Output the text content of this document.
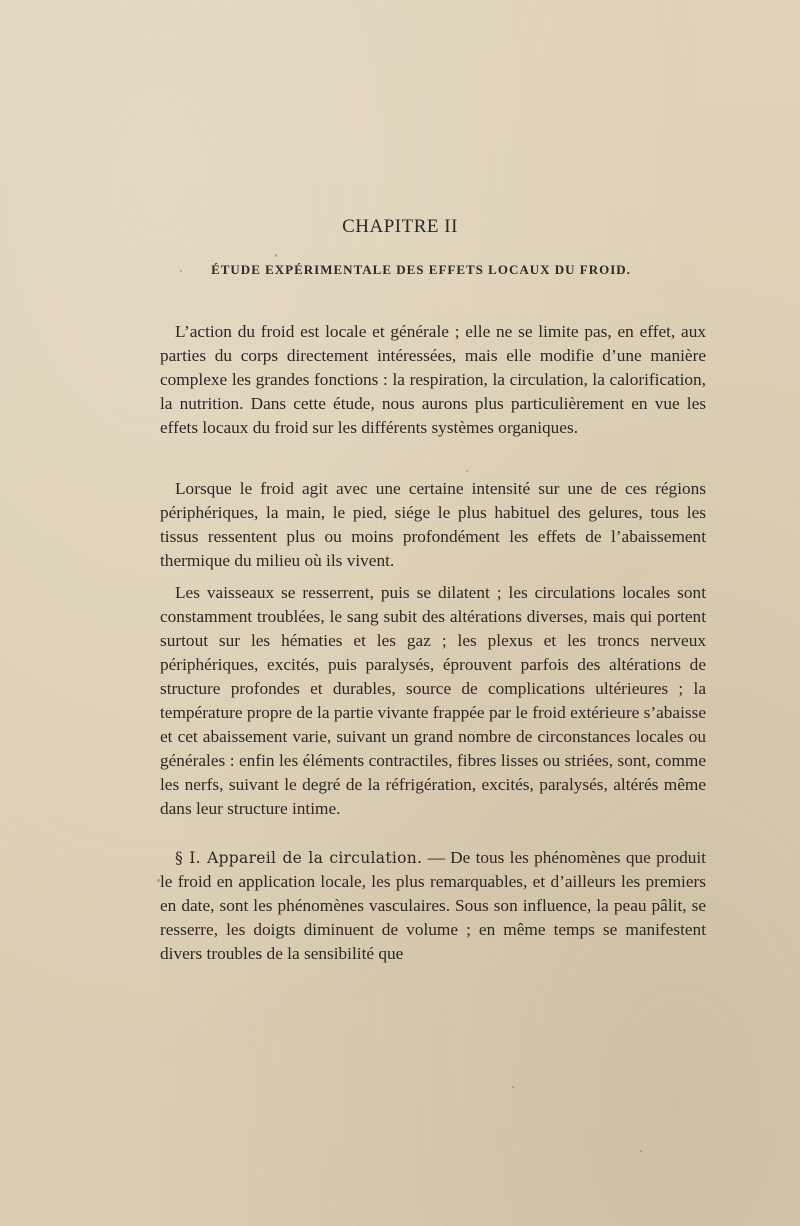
CHAPITRE II
ÉTUDE EXPÉRIMENTALE DES EFFETS LOCAUX DU FROID.

L’action du froid est locale et générale ; elle ne se limite pas, en effet, aux parties du corps directement intéressées, mais elle modifie d’une manière complexe les grandes fonctions : la respiration, la circulation, la calorification, la nutrition. Dans cette étude, nous aurons plus particulièrement en vue les effets locaux du froid sur les différents systèmes organiques.

Lorsque le froid agit avec une certaine intensité sur une de ces régions périphériques, la main, le pied, siége le plus habituel des gelures, tous les tissus ressentent plus ou moins profondément les effets de l’abaissement thermique du milieu où ils vivent.

Les vaisseaux se resserrent, puis se dilatent ; les circulations locales sont constamment troublées, le sang subit des altérations diverses, mais qui portent surtout sur les hématies et les gaz ; les plexus et les troncs nerveux périphériques, excités, puis paralysés, éprouvent parfois des altérations de structure profondes et durables, source de complications ultérieures ; la température propre de la partie vivante frappée par le froid extérieure s’abaisse et cet abaissement varie, suivant un grand nombre de circonstances locales ou générales : enfin les éléments contractiles, fibres lisses ou striées, sont, comme les nerfs, suivant le degré de la réfrigération, excités, paralysés, altérés même dans leur structure intime.

§ I. Appareil de la circulation. — De tous les phénomènes que produit le froid en application locale, les plus remarquables, et d’ailleurs les premiers en date, sont les phénomènes vasculaires. Sous son influence, la peau pâlit, se resserre, les doigts diminuent de volume ; en même temps se manifestent divers troubles de la sensibilité que
